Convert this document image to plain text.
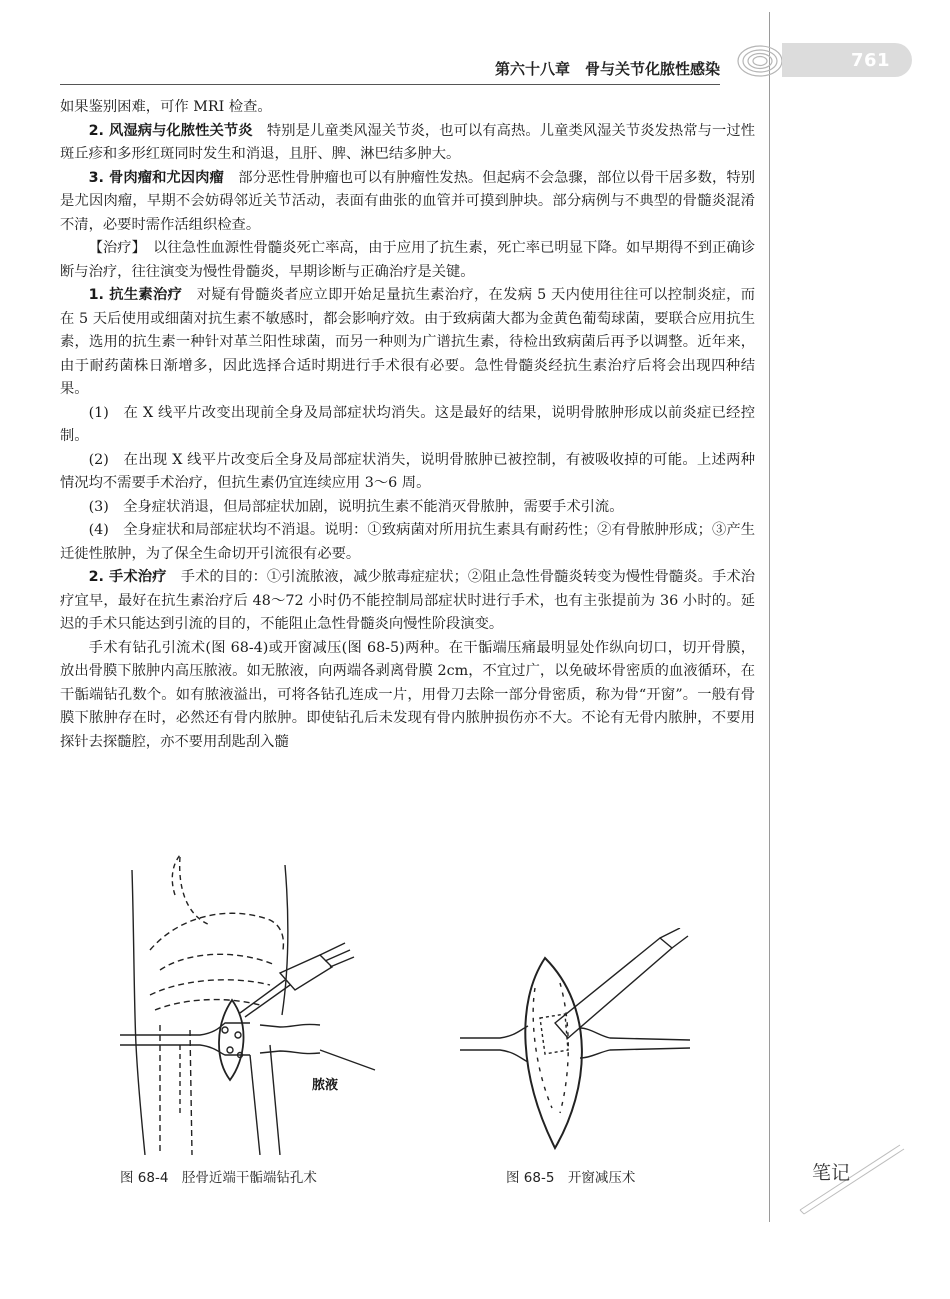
761
第六十八章　骨与关节化脓性感染

如果鉴别困难，可作 MRI 检查。

2. 风湿病与化脓性关节炎　特别是儿童类风湿关节炎，也可以有高热。儿童类风湿关节炎发热常与一过性斑丘疹和多形红斑同时发生和消退，且肝、脾、淋巴结多肿大。

3. 骨肉瘤和尤因肉瘤　部分恶性骨肿瘤也可以有肿瘤性发热。但起病不会急骤，部位以骨干居多数，特别是尤因肉瘤，早期不会妨碍邻近关节活动，表面有曲张的血管并可摸到肿块。部分病例与不典型的骨髓炎混淆不清，必要时需作活组织检查。

【治疗】　以往急性血源性骨髓炎死亡率高，由于应用了抗生素，死亡率已明显下降。如早期得不到正确诊断与治疗，往往演变为慢性骨髓炎，早期诊断与正确治疗是关键。

1. 抗生素治疗　对疑有骨髓炎者应立即开始足量抗生素治疗，在发病 5 天内使用往往可以控制炎症，而在 5 天后使用或细菌对抗生素不敏感时，都会影响疗效。由于致病菌大都为金黄色葡萄球菌，要联合应用抗生素，选用的抗生素一种针对革兰阳性球菌，而另一种则为广谱抗生素，待检出致病菌后再予以调整。近年来，由于耐药菌株日渐增多，因此选择合适时期进行手术很有必要。急性骨髓炎经抗生素治疗后将会出现四种结果。

(1)　在 X 线平片改变出现前全身及局部症状均消失。这是最好的结果，说明骨脓肿形成以前炎症已经控制。

(2)　在出现 X 线平片改变后全身及局部症状消失，说明骨脓肿已被控制，有被吸收掉的可能。上述两种情况均不需要手术治疗，但抗生素仍宜连续应用 3～6 周。

(3)　全身症状消退，但局部症状加剧，说明抗生素不能消灭骨脓肿，需要手术引流。

(4)　全身症状和局部症状均不消退。说明：①致病菌对所用抗生素具有耐药性；②有骨脓肿形成；③产生迁徙性脓肿，为了保全生命切开引流很有必要。

2. 手术治疗　手术的目的：①引流脓液，减少脓毒症症状；②阻止急性骨髓炎转变为慢性骨髓炎。手术治疗宜早，最好在抗生素治疗后 48～72 小时仍不能控制局部症状时进行手术，也有主张提前为 36 小时的。延迟的手术只能达到引流的目的，不能阻止急性骨髓炎向慢性阶段演变。

手术有钻孔引流术(图 68-4)或开窗减压(图 68-5)两种。在干骺端压痛最明显处作纵向切口，切开骨膜，放出骨膜下脓肿内高压脓液。如无脓液，向两端各剥离骨膜 2cm，不宜过广，以免破坏骨密质的血液循环，在干骺端钻孔数个。如有脓液溢出，可将各钻孔连成一片，用骨刀去除一部分骨密质，称为骨“开窗”。一般有骨膜下脓肿存在时，必然还有骨内脓肿。即使钻孔后未发现有骨内脓肿损伤亦不大。不论有无骨内脓肿，不要用探针去探髓腔，亦不要用刮匙刮入髓

脓液
图 68-4　胫骨近端干骺端钻孔术	图 68-5　开窗减压术	笔记
